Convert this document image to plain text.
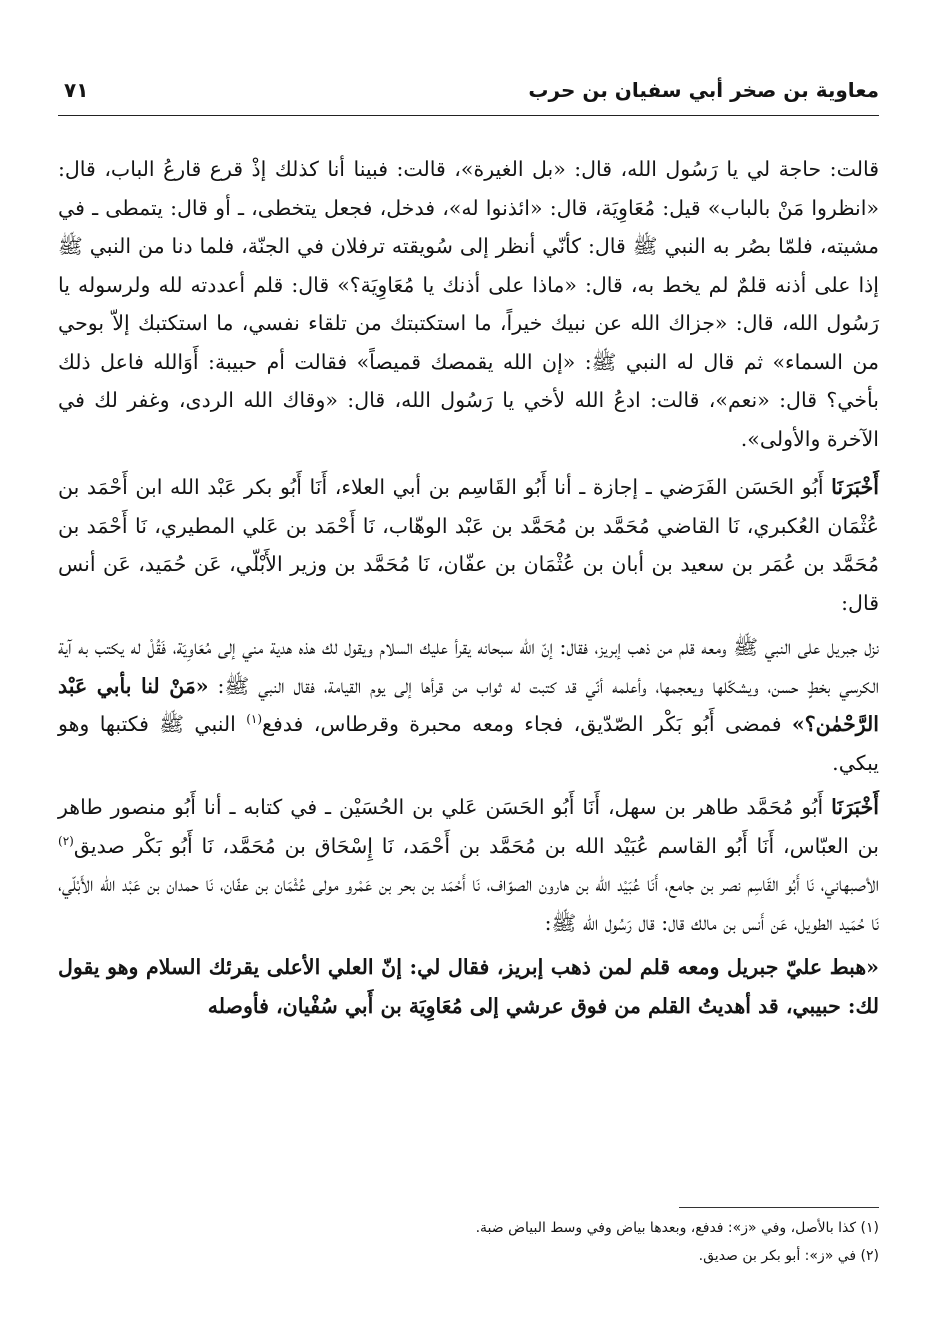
معاوية بن صخر أبي سفيان بن حرب
٧١

قالت: حاجة لي يا رَسُول الله، قال: «بل الغيرة»، قالت: فبينا أنا كذلك إذْ قرع قارعُ الباب، قال: «انظروا مَنْ بالباب» قيل: مُعَاوِيَة، قال: «ائذنوا له»، فدخل، فجعل يتخطى، ـ أو قال: يتمطى ـ في مشيته، فلمّا بصُر به النبي ﷺ قال: كأنّي أنظر إلى سُويقته ترفلان في الجنّة، فلما دنا من النبي ﷺ إذا على أذنه قلمٌ لم يخط به، قال: «ماذا على أذنك يا مُعَاوِيَة؟» قال: قلم أعددته لله ولرسوله يا رَسُول الله، قال: «جزاك الله عن نبيك خيراً، ما استكتبتك من تلقاء نفسي، ما استكتبك إلاّ بوحي من السماء» ثم قال له النبي ﷺ: «إن الله يقمصك قميصاً» فقالت أم حبيبة: أَوَالله فاعل ذلك بأخي؟ قال: «نعم»، قالت: ادعُ الله لأخي يا رَسُول الله، قال: «وقاك الله الردى، وغفر لك في الآخرة والأولى».

أَخْبَرَنَا أَبُو الحَسَن الفَرَضي ـ إجازة ـ أنا أَبُو القَاسِم بن أبي العلاء، أَنَا أَبُو بكر عَبْد الله ابن أَحْمَد بن عُثْمَان العُكبري، نَا القاضي مُحَمَّد بن مُحَمَّد بن عَبْد الوهّاب، نَا أَحْمَد بن عَلي المطيري، نَا أَحْمَد بن مُحَمَّد بن عُمَر بن سعيد بن أبان بن عُثْمَان بن عفّان، نَا مُحَمَّد بن وزير الأَبْلّي، عَن حُمَيد، عَن أنس قال:

نزل جبريل على النبي ﷺ ومعه قلم من ذهب إبريز، فقال: إنّ الله سبحانه يقرأ عليك السلام ويقول لك هذه هدية مني إلى مُعَاوِيَة، فَقُلْ له يكتب به آية الكرسي بخطٍ حسن، ويشكّلها ويعجمها، وأعلمه أنّي قد كتبت له ثواب من قرأها إلى يوم القيامة، فقال النبي ﷺ: «مَنْ لنا بأبي عَبْد الرَّحْمٰن؟» فمضى أَبُو بَكْر الصّدّيق، فجاء ومعه محبرة وقرطاس، فدفع$^{(١)}$ النبي ﷺ فكتبها وهو يبكي.

أَخْبَرَنَا أَبُو مُحَمَّد طاهر بن سهل، أَنَا أَبُو الحَسَن عَلي بن الحُسَيْن ـ في كتابه ـ أنا أَبُو منصور طاهر بن العبّاس، أَنَا أَبُو القاسم عُبَيْد الله بن مُحَمَّد بن أَحْمَد، نَا إِسْحَاق بن مُحَمَّد، نَا أَبُو بَكْر صديق$^{(٢)}$ الأصبهاني، نَا أَبُو القَاسِم نصر بن جامع، أَنَا عُبَيْد الله بن هارون الصوّاف، نَا أَحْمَد بن بحر بن عَمْرو مولى عُثْمَان بن عفّان، نَا حمدان بن عَبْد الله الأَبْلّي، نَا حُمَيد الطويل، عَن أَنس بن مالك قال: قال رَسُول الله ﷺ:

«هبط عليّ جبريل ومعه قلم لمن ذهب إبريز، فقال لي: إنّ العلي الأعلى يقرئك السلام وهو يقول لك: حبيبي، قد أهديتُ القلم من فوق عرشي إلى مُعَاوِيَة بن أَبي سُفْيان، فأوصله

(١) كذا بالأصل، وفي «ز»: فدفع، وبعدها بياض وفي وسط البياض ضبة.
(٢) في «ز»: أبو بكر بن صديق.
